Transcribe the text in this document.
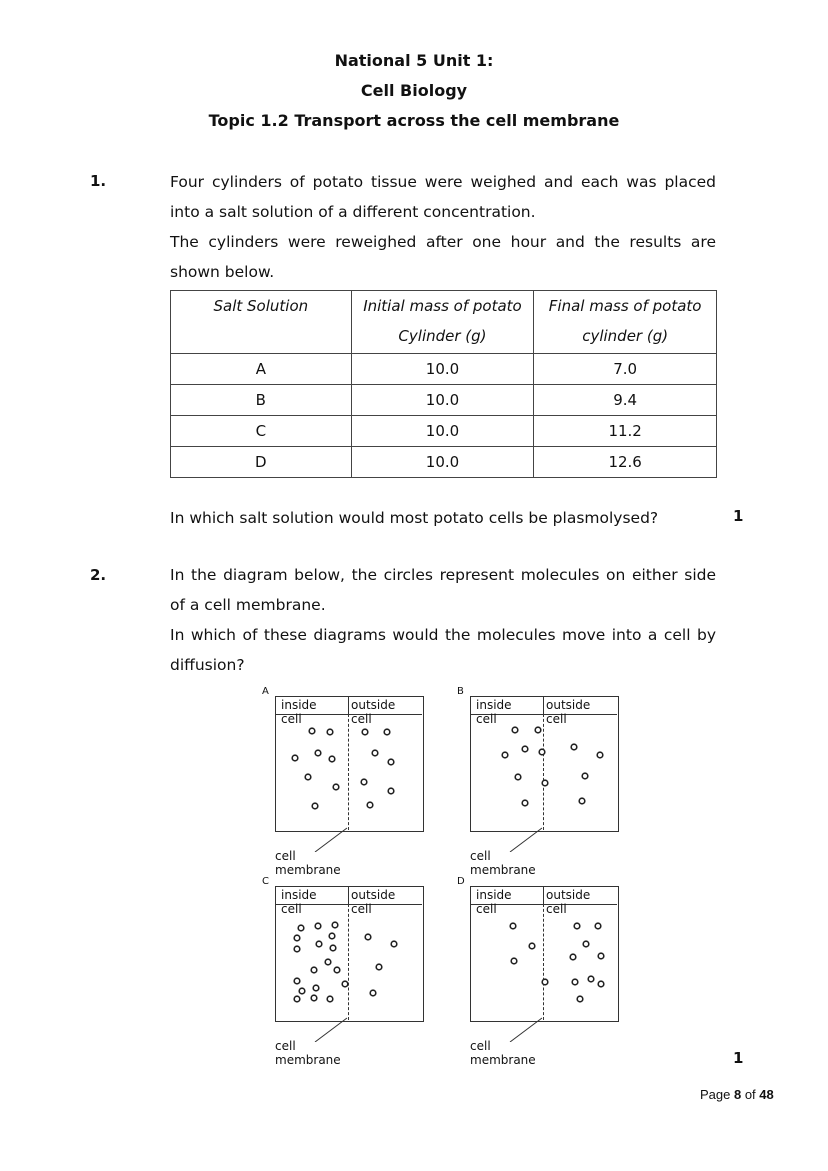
National 5 Unit 1:
Cell Biology
Topic 1.2 Transport across the cell membrane
1.	Four cylinders of potato tissue were weighed and each was placed into a salt solution of a different concentration.
The cylinders were reweighed after one hour and the results are shown below.
Salt Solution	Initial mass of potato Cylinder (g)	Final mass of potato cylinder (g)
A	10.0	7.0
B	10.0	9.4
C	10.0	11.2
D	10.0	12.6
In which salt solution would most potato cells be plasmolysed?	1
2.	In the diagram below, the circles represent molecules on either side of a cell membrane.
In which of these diagrams would the molecules move into a cell by diffusion?
A
inside cell
outside cell
cell membrane
B
inside cell
outside cell
cell membrane
C
inside cell
outside cell
cell membrane
D
inside cell
outside cell
cell membrane	1
Page 8 of 48
